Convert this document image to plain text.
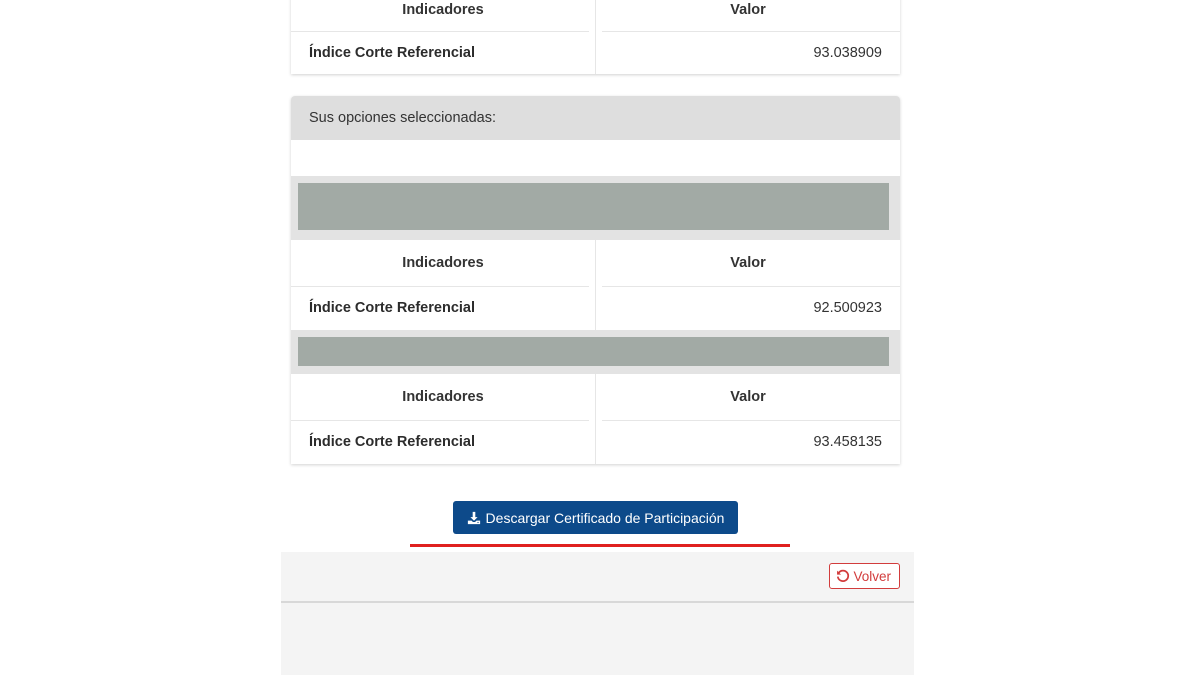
Indicadores	Valor
Índice Corte Referencial	93.038909
Sus opciones seleccionadas:
Indicadores	Valor
Índice Corte Referencial	92.500923
Indicadores	Valor
Índice Corte Referencial	93.458135
Descargar Certificado de Participación
Volver
